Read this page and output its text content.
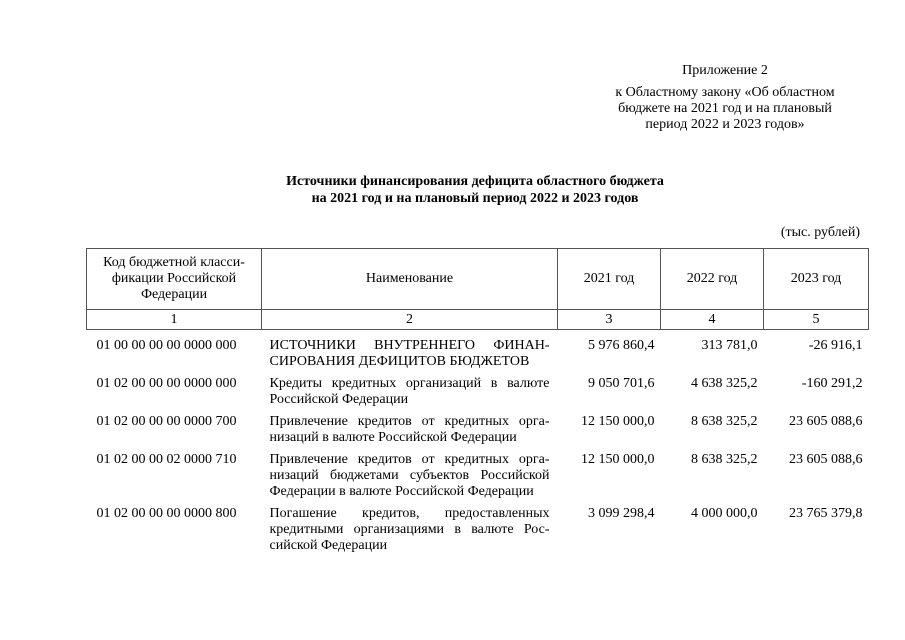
Приложение 2
к Областному закону «Об областном
бюджете на 2021 год и на плановый
период 2022 и 2023 годов»
Источники финансирования дефицита областного бюджета
на 2021 год и на плановый период 2022 и 2023 годов
(тыс. рублей)
Код бюджетной класси-
фикации Российской
Федерации	Наименование	2021 год	2022 год	2023 год
1	2	3	4	5

01 00 00 00 00 0000 000	ИСТОЧНИКИ ВНУТРЕННЕГО ФИНАН-
СИРОВАНИЯ ДЕФИЦИТОВ БЮДЖЕТОВ	5 976 860,4	313 781,0	-26 916,1
01 02 00 00 00 0000 000	Кредиты кредитных организаций в валюте
Российской Федерации	9 050 701,6	4 638 325,2	-160 291,2
01 02 00 00 00 0000 700	Привлечение кредитов от кредитных орга-
низаций в валюте Российской Федерации	12 150 000,0	8 638 325,2	23 605 088,6
01 02 00 00 02 0000 710	Привлечение кредитов от кредитных орга-
низаций бюджетами субъектов Российской
Федерации в валюте Российской Федерации	12 150 000,0	8 638 325,2	23 605 088,6
01 02 00 00 00 0000 800	Погашение кредитов, предоставленных
кредитными организациями в валюте Рос-
сийской Федерации	3 099 298,4	4 000 000,0	23 765 379,8
